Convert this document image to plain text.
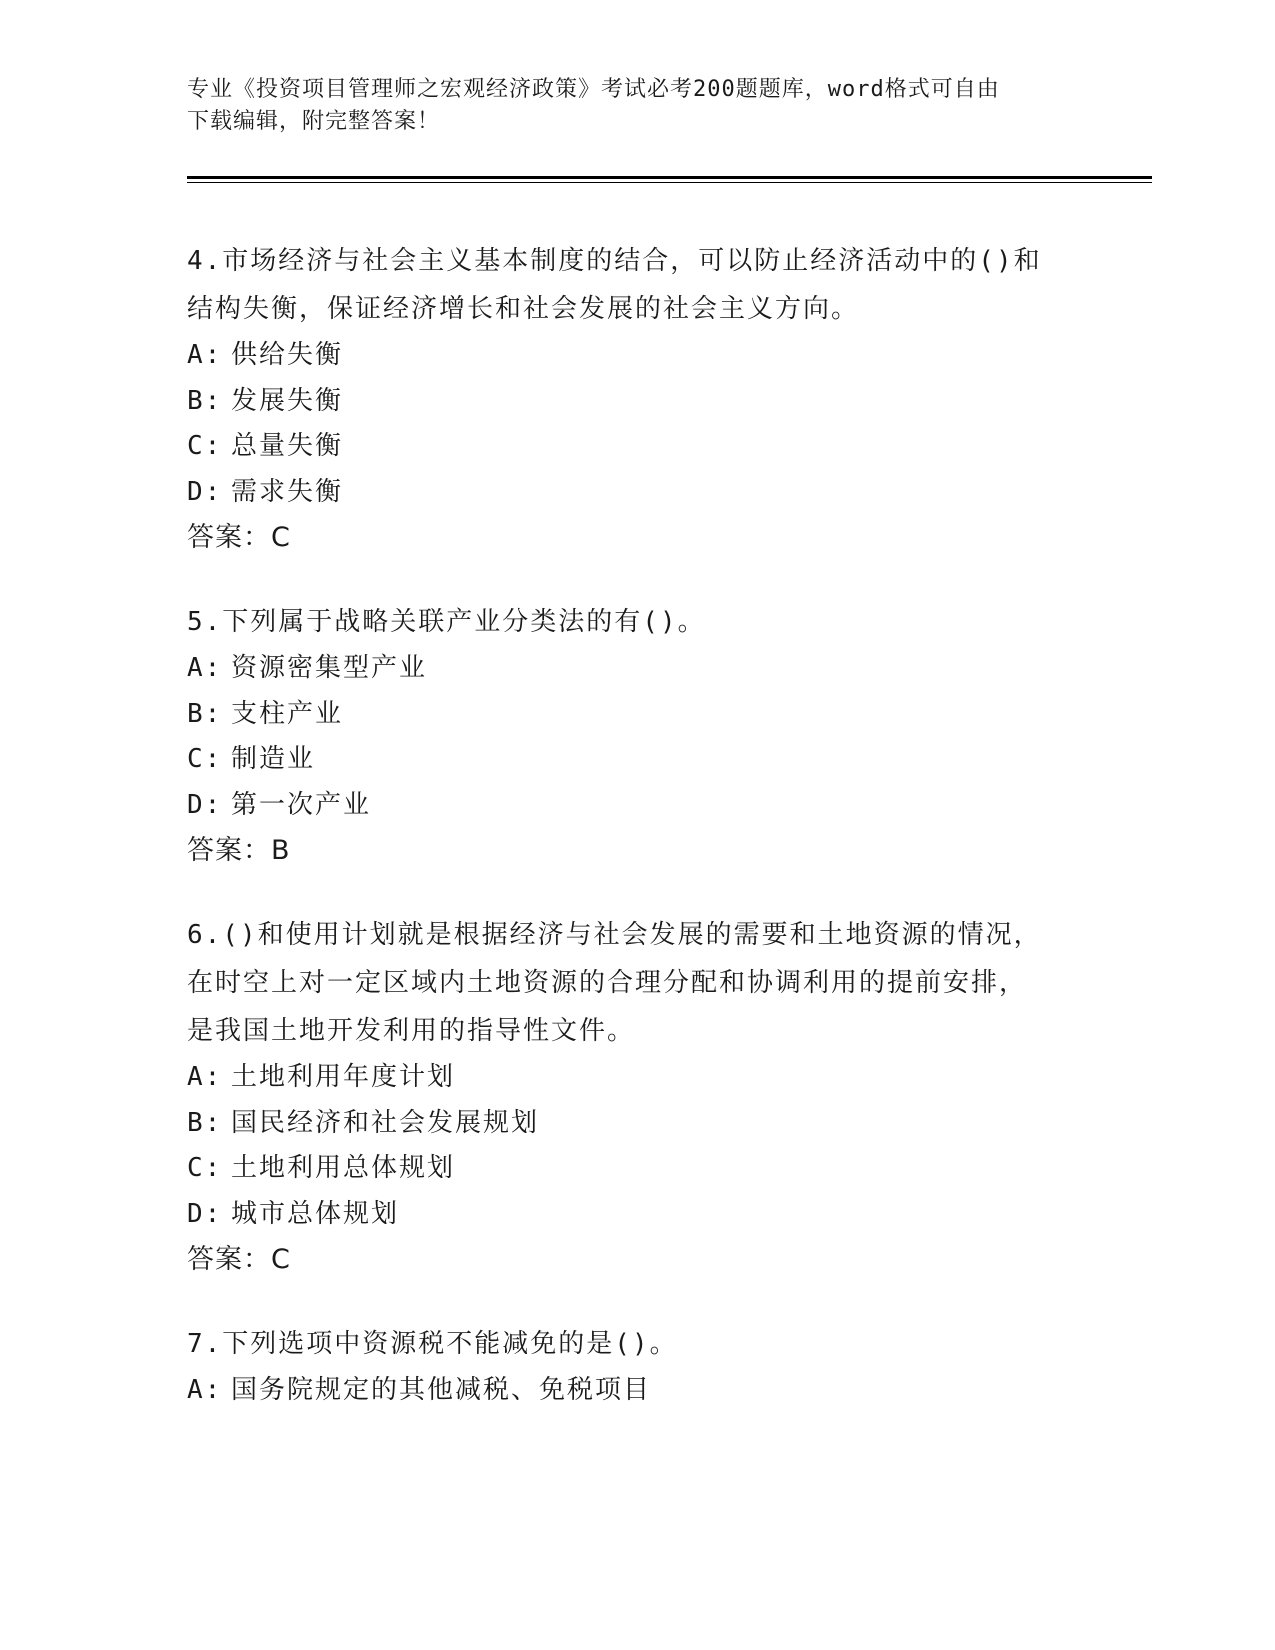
专业《投资项目管理师之宏观经济政策》考试必考200题题库，word格式可自由
下载编辑，附完整答案！
4.市场经济与社会主义基本制度的结合，可以防止经济活动中的()和
结构失衡，保证经济增长和社会发展的社会主义方向。
A: 供给失衡
B: 发展失衡
C: 总量失衡
D: 需求失衡
答案：C
5.下列属于战略关联产业分类法的有()。
A: 资源密集型产业
B: 支柱产业
C: 制造业
D: 第一次产业
答案：B
6.()和使用计划就是根据经济与社会发展的需要和土地资源的情况，
在时空上对一定区域内土地资源的合理分配和协调利用的提前安排，
是我国土地开发利用的指导性文件。
A: 土地利用年度计划
B: 国民经济和社会发展规划
C: 土地利用总体规划
D: 城市总体规划
答案：C
7.下列选项中资源税不能减免的是()。
A: 国务院规定的其他减税、免税项目
